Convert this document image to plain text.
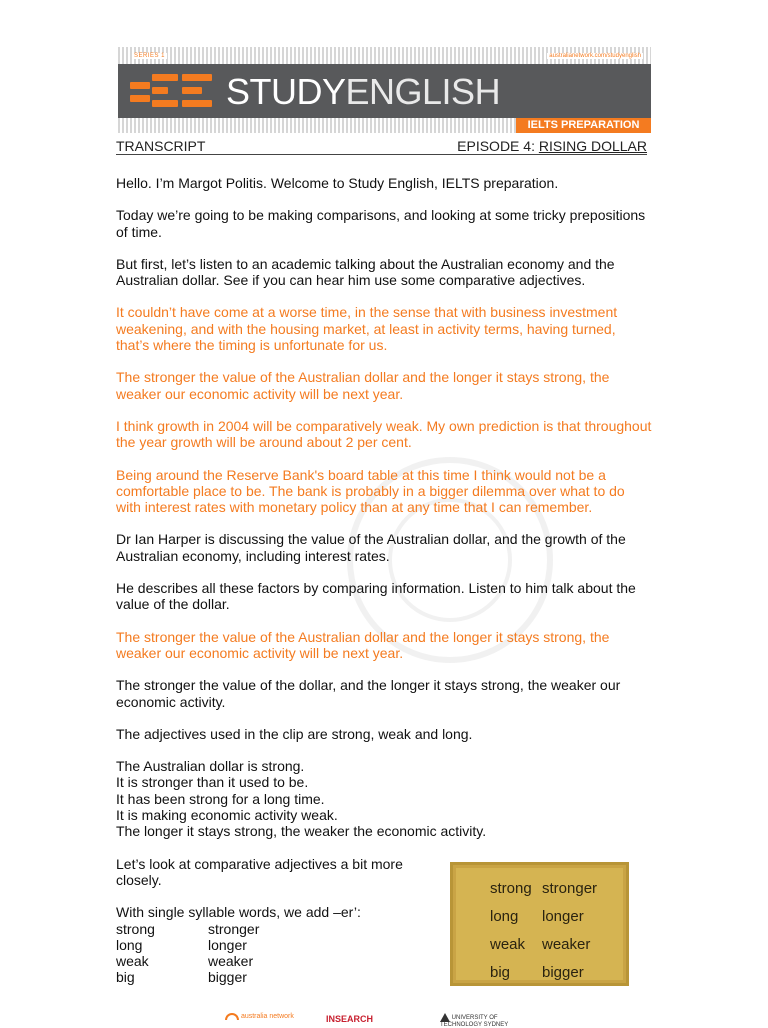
SERIES 1	australianetwork.com/studyenglish
STUDYENGLISH
IELTS PREPARATION
TRANSCRIPT	EPISODE 4: RISING DOLLAR

Hello. I’m Margot Politis. Welcome to Study English, IELTS preparation.

Today we’re going to be making comparisons, and looking at some tricky prepositions of time.

But first, let’s listen to an academic talking about the Australian economy and the Australian dollar. See if you can hear him use some comparative adjectives.

It couldn’t have come at a worse time, in the sense that with business investment weakening, and with the housing market, at least in activity terms, having turned, that’s where the timing is unfortunate for us.

The stronger the value of the Australian dollar and the longer it stays strong, the weaker our economic activity will be next year.

I think growth in 2004 will be comparatively weak. My own prediction is that throughout the year growth will be around about 2 per cent.

Being around the Reserve Bank's board table at this time I think would not be a comfortable place to be. The bank is probably in a bigger dilemma over what to do with interest rates with monetary policy than at any time that I can remember.

Dr Ian Harper is discussing the value of the Australian dollar, and the growth of the Australian economy, including interest rates.

He describes all these factors by comparing information. Listen to him talk about the value of the dollar.

The stronger the value of the Australian dollar and the longer it stays strong, the weaker our economic activity will be next year.

The stronger the value of the dollar, and the longer it stays strong, the weaker our economic activity.

The adjectives used in the clip are strong, weak and long.

The Australian dollar is strong.
It is stronger than it used to be.
It has been strong for a long time.
It is making economic activity weak.
The longer it stays strong, the weaker the economic activity.

Let’s look at comparative adjectives a bit more closely.

With single syllable words, we add –er’:
strong	stronger
long	longer
weak	weaker
big	bigger
strong stronger
long longer
weak weaker
big bigger
australia network	INSEARCH	UNIVERSITY OF TECHNOLOGY SYDNEY
